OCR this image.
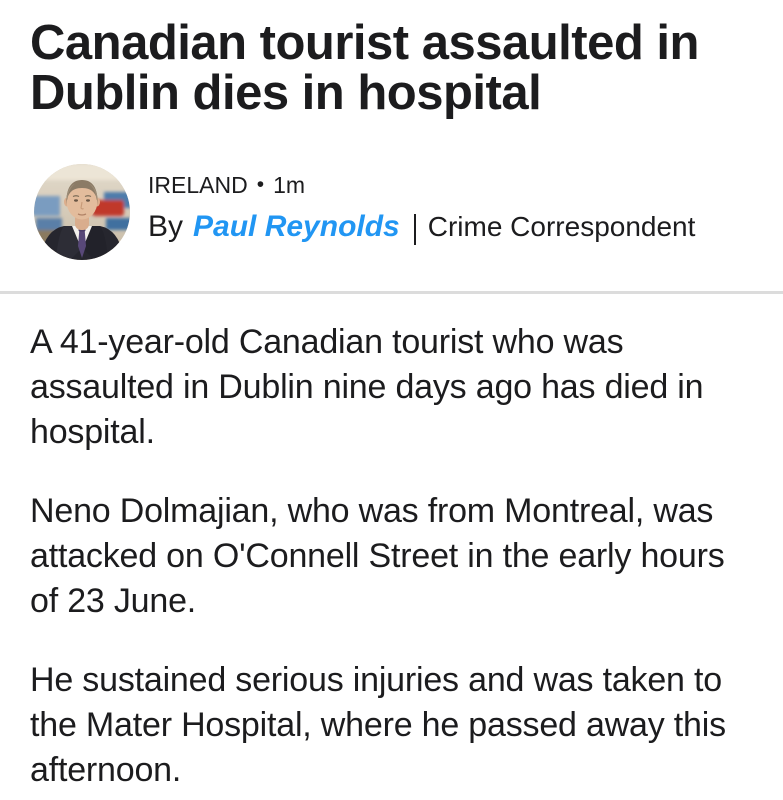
Canadian tourist assaulted in Dublin dies in hospital
IRELAND • 1m
By Paul Reynolds Crime Correspondent

A 41-year-old Canadian tourist who was assaulted in Dublin nine days ago has died in hospital.

Neno Dolmajian, who was from Montreal, was attacked on O'Connell Street in the early hours of 23 June.

He sustained serious injuries and was taken to the Mater Hospital, where he passed away this afternoon.
